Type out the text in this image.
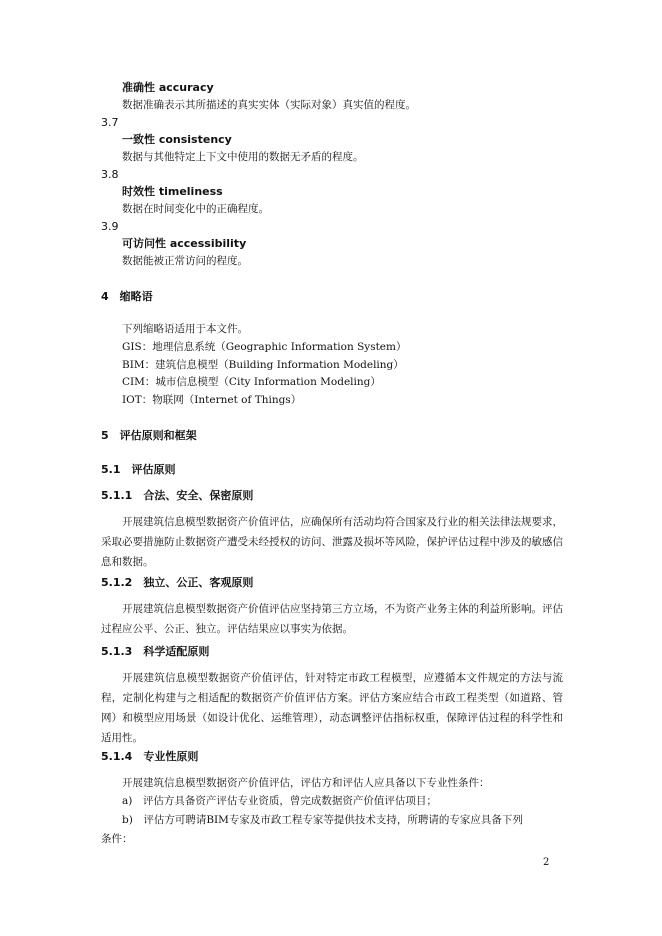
准确性 accuracy
数据准确表示其所描述的真实实体（实际对象）真实值的程度。
3.7
一致性 consistency
数据与其他特定上下文中使用的数据无矛盾的程度。
3.8
时效性 timeliness
数据在时间变化中的正确程度。
3.9
可访问性 accessibility
数据能被正常访问的程度。
4　缩略语
下列缩略语适用于本文件。
GIS：地理信息系统（Geographic Information System）
BIM：建筑信息模型（Building Information Modeling）
CIM：城市信息模型（City Information Modeling）
IOT：物联网（Internet of Things）
5　评估原则和框架
5.1　评估原则
5.1.1　合法、安全、保密原则
开展建筑信息模型数据资产价值评估，应确保所有活动均符合国家及行业的相关法律法规要求，采取必要措施防止数据资产遭受未经授权的访问、泄露及损坏等风险，保护评估过程中涉及的敏感信息和数据。
5.1.2　独立、公正、客观原则
开展建筑信息模型数据资产价值评估应坚持第三方立场，不为资产业务主体的利益所影响。评估过程应公平、公正、独立。评估结果应以事实为依据。
5.1.3　科学适配原则
开展建筑信息模型数据资产价值评估，针对特定市政工程模型，应遵循本文件规定的方法与流程，定制化构建与之相适配的数据资产价值评估方案。评估方案应结合市政工程类型（如道路、管网）和模型应用场景（如设计优化、运维管理），动态调整评估指标权重，保障评估过程的科学性和适用性。
5.1.4　专业性原则
开展建筑信息模型数据资产价值评估，评估方和评估人应具备以下专业性条件：
a)　评估方具备资产评估专业资质，曾完成数据资产价值评估项目；
b)　评估方可聘请BIM专家及市政工程专家等提供技术支持，所聘请的专家应具备下列
条件：
2
